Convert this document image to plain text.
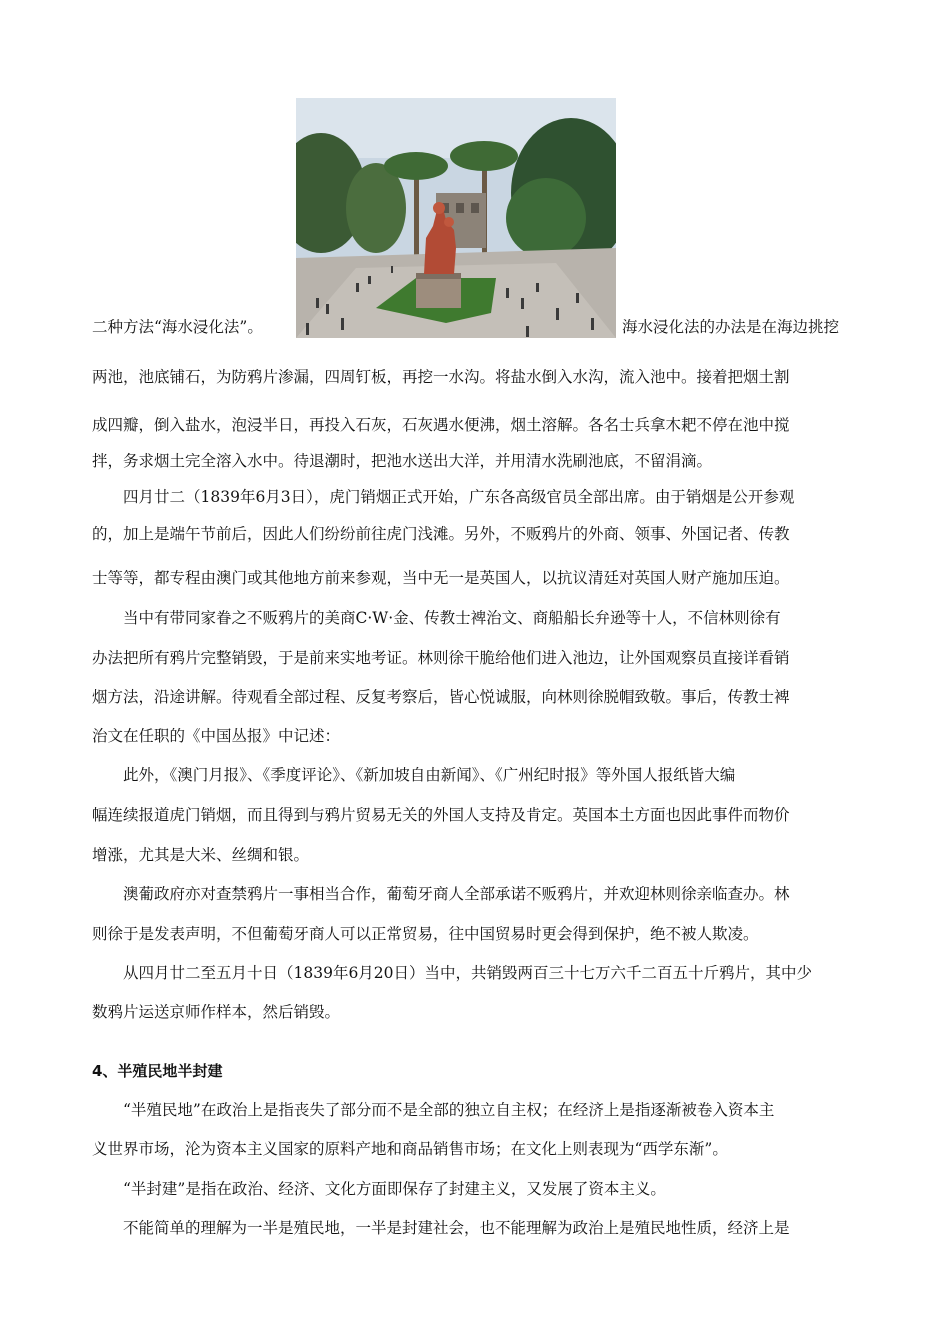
二种方法“海水浸化法”。	海水浸化法的办法是在海边挑挖
两池，池底铺石，为防鸦片渗漏，四周钉板，再挖一水沟。将盐水倒入水沟，流入池中。接着把烟土割
成四瓣，倒入盐水，泡浸半日，再投入石灰，石灰遇水便沸，烟土溶解。各名士兵拿木耙不停在池中搅
拌，务求烟土完全溶入水中。待退潮时，把池水送出大洋，并用清水洗刷池底，不留涓滴。
四月廿二（1839年6月3日），虎门销烟正式开始，广东各高级官员全部出席。由于销烟是公开参观
的，加上是端午节前后，因此人们纷纷前往虎门浅滩。另外，不贩鸦片的外商、领事、外国记者、传教
士等等，都专程由澳门或其他地方前来参观，当中无一是英国人，以抗议清廷对英国人财产施加压迫。
当中有带同家眷之不贩鸦片的美商C·W·金、传教士裨治文、商船船长弁逊等十人，不信林则徐有
办法把所有鸦片完整销毁，于是前来实地考证。林则徐干脆给他们进入池边，让外国观察员直接详看销
烟方法，沿途讲解。待观看全部过程、反复考察后，皆心悦诚服，向林则徐脱帽致敬。事后，传教士裨
治文在任职的《中国丛报》中记述：
此外，《澳门月报》、《季度评论》、《新加坡自由新闻》、《广州纪时报》等外国人报纸皆大编
幅连续报道虎门销烟，而且得到与鸦片贸易无关的外国人支持及肯定。英国本土方面也因此事件而物价
增涨，尤其是大米、丝绸和银。
澳葡政府亦对查禁鸦片一事相当合作，葡萄牙商人全部承诺不贩鸦片，并欢迎林则徐亲临查办。林
则徐于是发表声明，不但葡萄牙商人可以正常贸易，往中国贸易时更会得到保护，绝不被人欺凌。
从四月廿二至五月十日（1839年6月20日）当中，共销毁两百三十七万六千二百五十斤鸦片，其中少
数鸦片运送京师作样本，然后销毁。
4、半殖民地半封建
“半殖民地”在政治上是指丧失了部分而不是全部的独立自主权；在经济上是指逐渐被卷入资本主
义世界市场，沦为资本主义国家的原料产地和商品销售市场；在文化上则表现为“西学东渐”。
“半封建”是指在政治、经济、文化方面即保存了封建主义，又发展了资本主义。
不能简单的理解为一半是殖民地，一半是封建社会，也不能理解为政治上是殖民地性质，经济上是
